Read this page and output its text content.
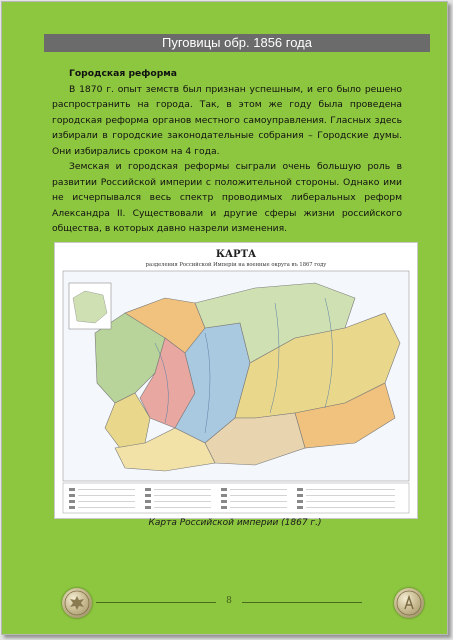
Пуговицы обр. 1856 года

Городская реформа

В 1870 г. опыт земств был признан успешным, и его было решено распространить на города. Так, в этом же году была проведена городская реформа органов местного самоуправления. Гласных здесь избирали в городские законодательные собрания – Городские думы. Они избирались сроком на 4 года.

Земская и городская реформы сыграли очень большую роль в развитии Российской империи с положительной стороны. Однако ими не исчерпывался весь спектр проводимых либеральных реформ Александра II. Существовали и другие сферы жизни российского общества, в которых давно назрели изменения.

КАРТА
разделения Российской Имперіи на военные округа въ 1867 году
Карта Российской империи (1867 г.)
8
